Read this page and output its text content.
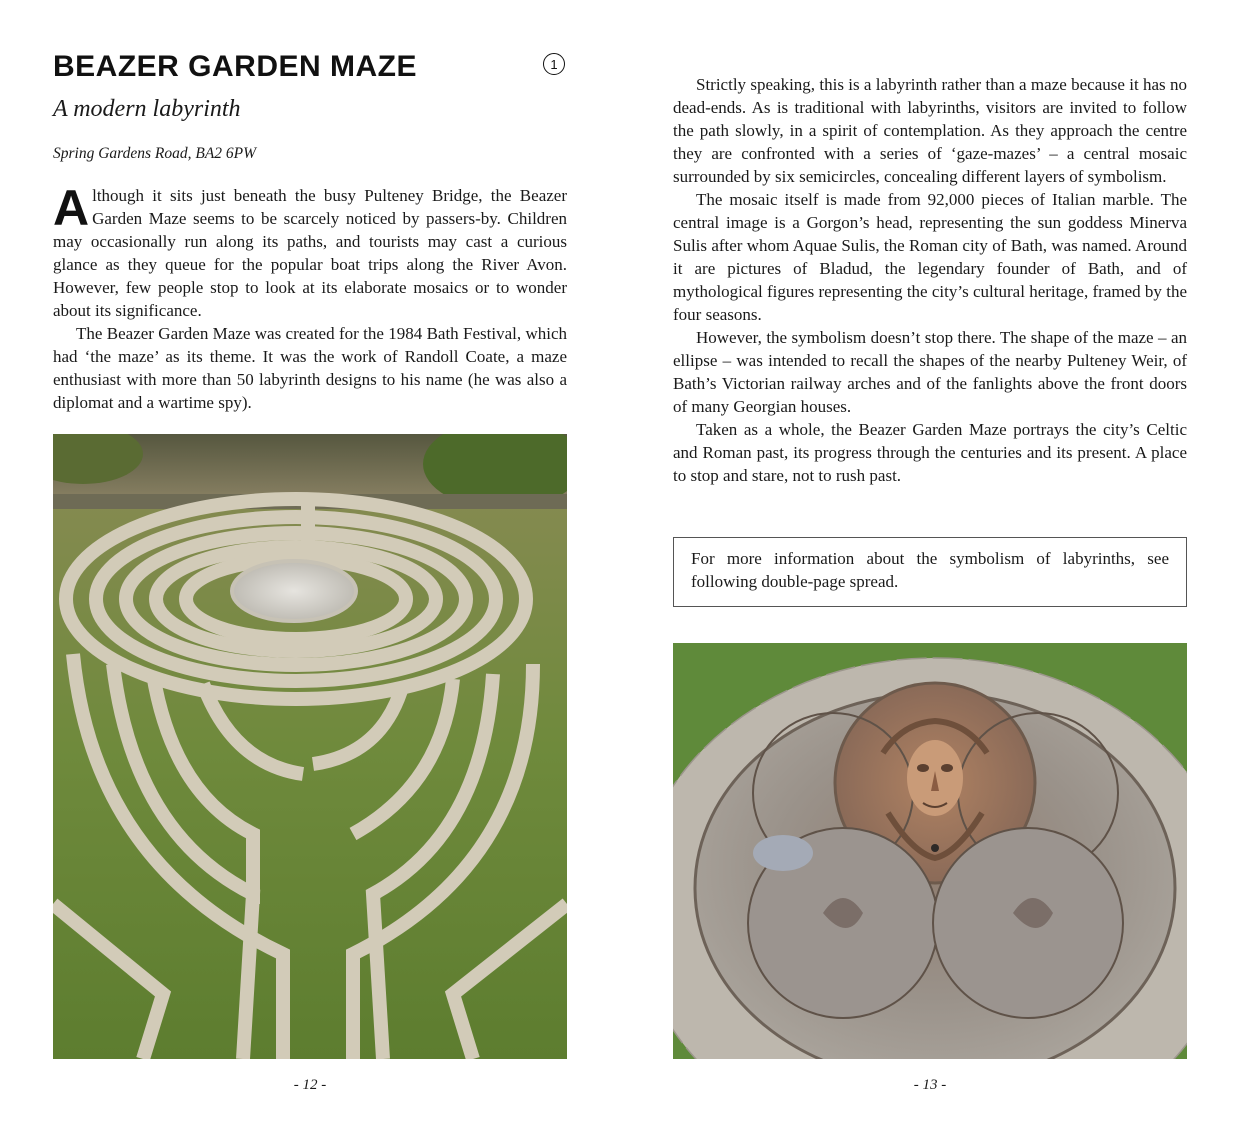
BEAZER GARDEN MAZE	1
A modern labyrinth

Spring Gardens Road, BA2 6PW

Although it sits just beneath the busy Pulteney Bridge, the Beazer Garden Maze seems to be scarcely noticed by passers-by. Children may occasionally run along its paths, and tourists may cast a curious glance as they queue for the popular boat trips along the River Avon. However, few people stop to look at its elaborate mosaics or to wonder about its significance.

The Beazer Garden Maze was created for the 1984 Bath Festival, which had ‘the maze’ as its theme. It was the work of Randoll Coate, a maze enthusiast with more than 50 labyrinth designs to his name (he was also a diplomat and a wartime spy).

- 12 -

Strictly speaking, this is a labyrinth rather than a maze because it has no dead-ends. As is traditional with labyrinths, visitors are invited to follow the path slowly, in a spirit of contemplation. As they approach the centre they are confronted with a series of ‘gaze-mazes’ – a central mosaic surrounded by six semicircles, concealing different layers of symbolism.

The mosaic itself is made from 92,000 pieces of Italian marble. The central image is a Gorgon’s head, representing the sun goddess Minerva Sulis after whom Aquae Sulis, the Roman city of Bath, was named. Around it are pictures of Bladud, the legendary founder of Bath, and of mythological figures representing the city’s cultural heritage, framed by the four seasons.

However, the symbolism doesn’t stop there. The shape of the maze – an ellipse – was intended to recall the shapes of the nearby Pulteney Weir, of Bath’s Victorian railway arches and of the fanlights above the front doors of many Georgian houses.

Taken as a whole, the Beazer Garden Maze portrays the city’s Celtic and Roman past, its progress through the centuries and its present. A place to stop and stare, not to rush past.

For more information about the symbolism of labyrinths, see following double-page spread.
- 13 -
